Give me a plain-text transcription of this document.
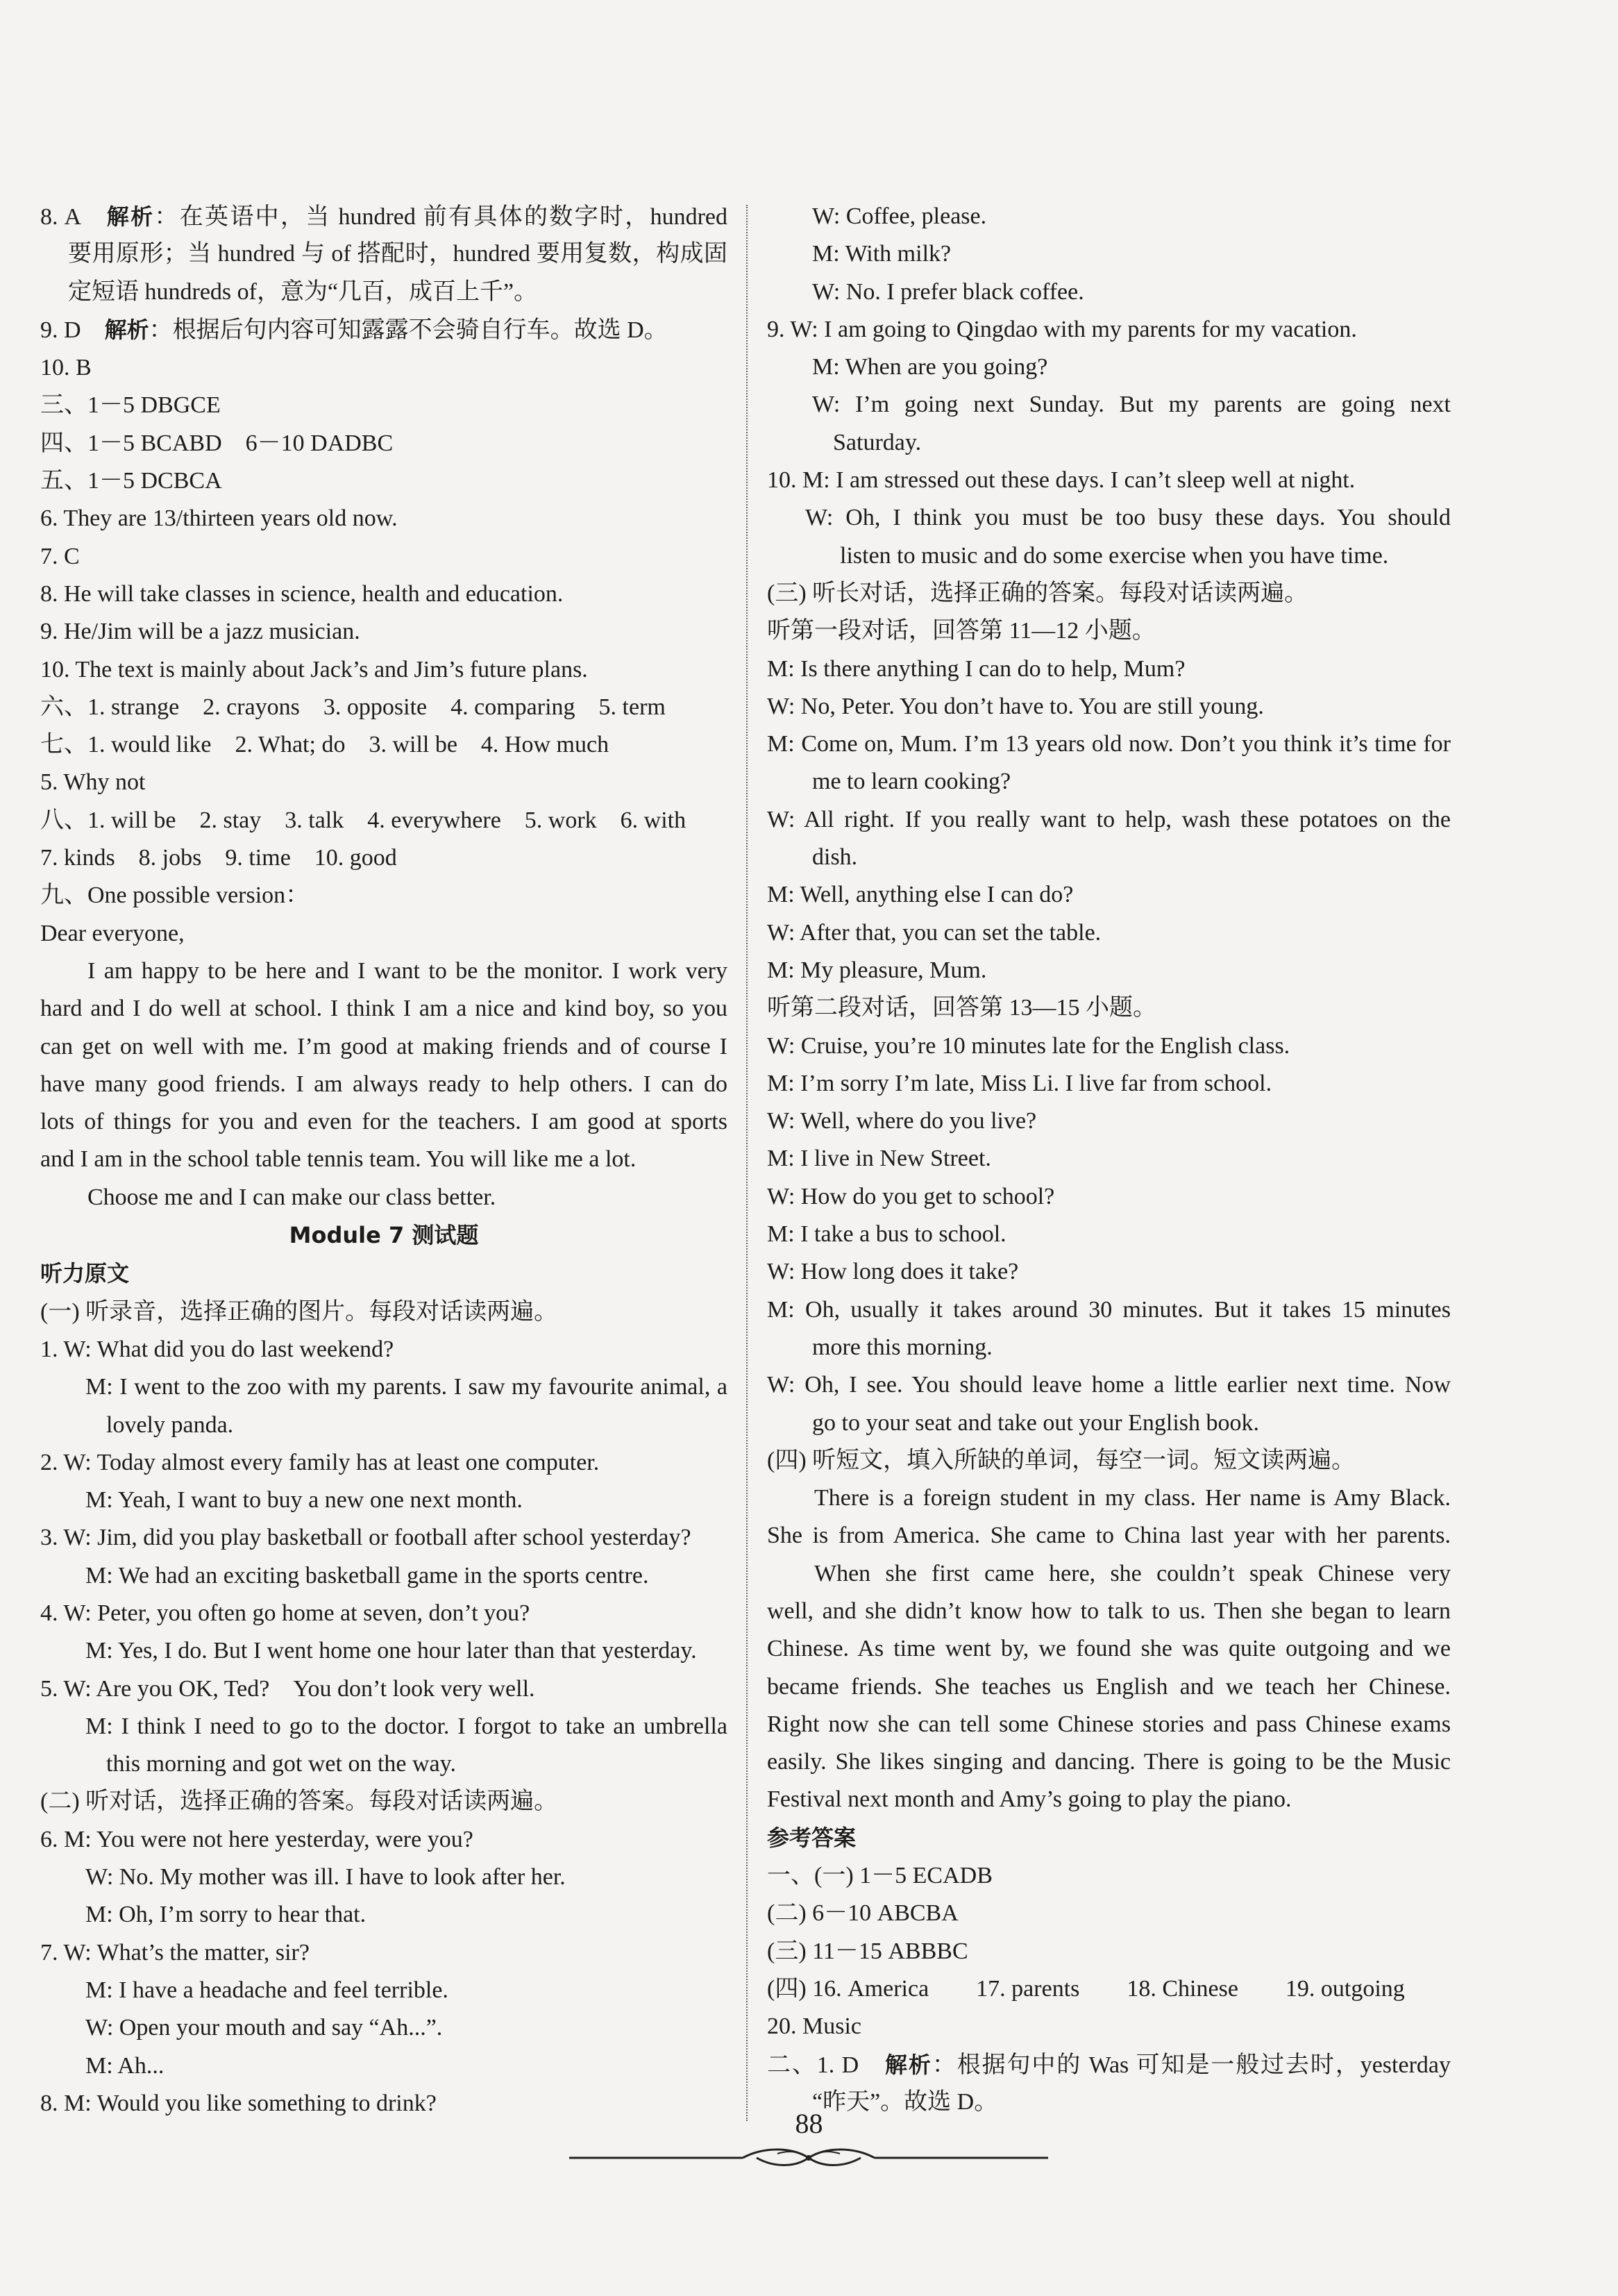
8. A　解析：在英语中，当 hundred 前有具体的数字时，hundred
要用原形；当 hundred 与 of 搭配时，hundred 要用复数，构成固
定短语 hundreds of，意为“几百，成百上千”。
9. D　解析：根据后句内容可知露露不会骑自行车。故选 D。
10. B
三、1－5 DBGCE
四、1－5 BCABD　6－10 DADBC
五、1－5 DCBCA
6. They are 13/thirteen years old now.
7. C
8. He will take classes in science, health and education.
9. He/Jim will be a jazz musician.
10. The text is mainly about Jack’s and Jim’s future plans.
六、1. strange　2. crayons　3. opposite　4. comparing　5. term
七、1. would like　2. What; do　3. will be　4. How much
5. Why not
八、1. will be　2. stay　3. talk　4. everywhere　5. work　6. with
7. kinds　8. jobs　9. time　10. good
九、One possible version：
Dear everyone,
I am happy to be here and I want to be the monitor. I work very
hard and I do well at school. I think I am a nice and kind boy, so you
can get on well with me. I’m good at making friends and of course I
have many good friends. I am always ready to help others. I can do
lots of things for you and even for the teachers. I am good at sports
and I am in the school table tennis team. You will like me a lot.
Choose me and I can make our class better.
Module 7 测试题
听力原文
(一) 听录音，选择正确的图片。每段对话读两遍。
1. W: What did you do last weekend?
M: I went to the zoo with my parents. I saw my favourite animal, a
lovely panda.
2. W: Today almost every family has at least one computer.
M: Yeah, I want to buy a new one next month.
3. W: Jim, did you play basketball or football after school yesterday?
M: We had an exciting basketball game in the sports centre.
4. W: Peter, you often go home at seven, don’t you?
M: Yes, I do. But I went home one hour later than that yesterday.
5. W: Are you OK, Ted?　You don’t look very well.
M: I think I need to go to the doctor. I forgot to take an umbrella
this morning and got wet on the way.
(二) 听对话，选择正确的答案。每段对话读两遍。
6. M: You were not here yesterday, were you?
W: No. My mother was ill. I have to look after her.
M: Oh, I’m sorry to hear that.
7. W: What’s the matter, sir?
M: I have a headache and feel terrible.
W: Open your mouth and say “Ah...”.
M: Ah...
8. M: Would you like something to drink?
W: Coffee, please.
M: With milk?
W: No. I prefer black coffee.
9. W: I am going to Qingdao with my parents for my vacation.
M: When are you going?
W: I’m going next Sunday. But my parents are going next
Saturday.
10. M: I am stressed out these days. I can’t sleep well at night.
W: Oh, I think you must be too busy these days. You should
listen to music and do some exercise when you have time.
(三) 听长对话，选择正确的答案。每段对话读两遍。
听第一段对话，回答第 11—12 小题。
M: Is there anything I can do to help, Mum?
W: No, Peter. You don’t have to. You are still young.
M: Come on, Mum. I’m 13 years old now. Don’t you think it’s time for
me to learn cooking?
W: All right. If you really want to help, wash these potatoes on the
dish.
M: Well, anything else I can do?
W: After that, you can set the table.
M: My pleasure, Mum.
听第二段对话，回答第 13—15 小题。
W: Cruise, you’re 10 minutes late for the English class.
M: I’m sorry I’m late, Miss Li. I live far from school.
W: Well, where do you live?
M: I live in New Street.
W: How do you get to school?
M: I take a bus to school.
W: How long does it take?
M: Oh, usually it takes around 30 minutes. But it takes 15 minutes
more this morning.
W: Oh, I see. You should leave home a little earlier next time. Now
go to your seat and take out your English book.
(四) 听短文，填入所缺的单词，每空一词。短文读两遍。
There is a foreign student in my class. Her name is Amy Black.
She is from America. She came to China last year with her parents.
When she first came here, she couldn’t speak Chinese very
well, and she didn’t know how to talk to us. Then she began to learn
Chinese. As time went by, we found she was quite outgoing and we
became friends. She teaches us English and we teach her Chinese.
Right now she can tell some Chinese stories and pass Chinese exams
easily. She likes singing and dancing. There is going to be the Music
Festival next month and Amy’s going to play the piano.
参考答案
一、(一) 1－5 ECADB
(二) 6－10 ABCBA
(三) 11－15 ABBBC
(四) 16. America　　17. parents　　18. Chinese　　19. outgoing
20. Music
二、1. D　解析：根据句中的 Was 可知是一般过去时，yesterday
“昨天”。故选 D。
88
